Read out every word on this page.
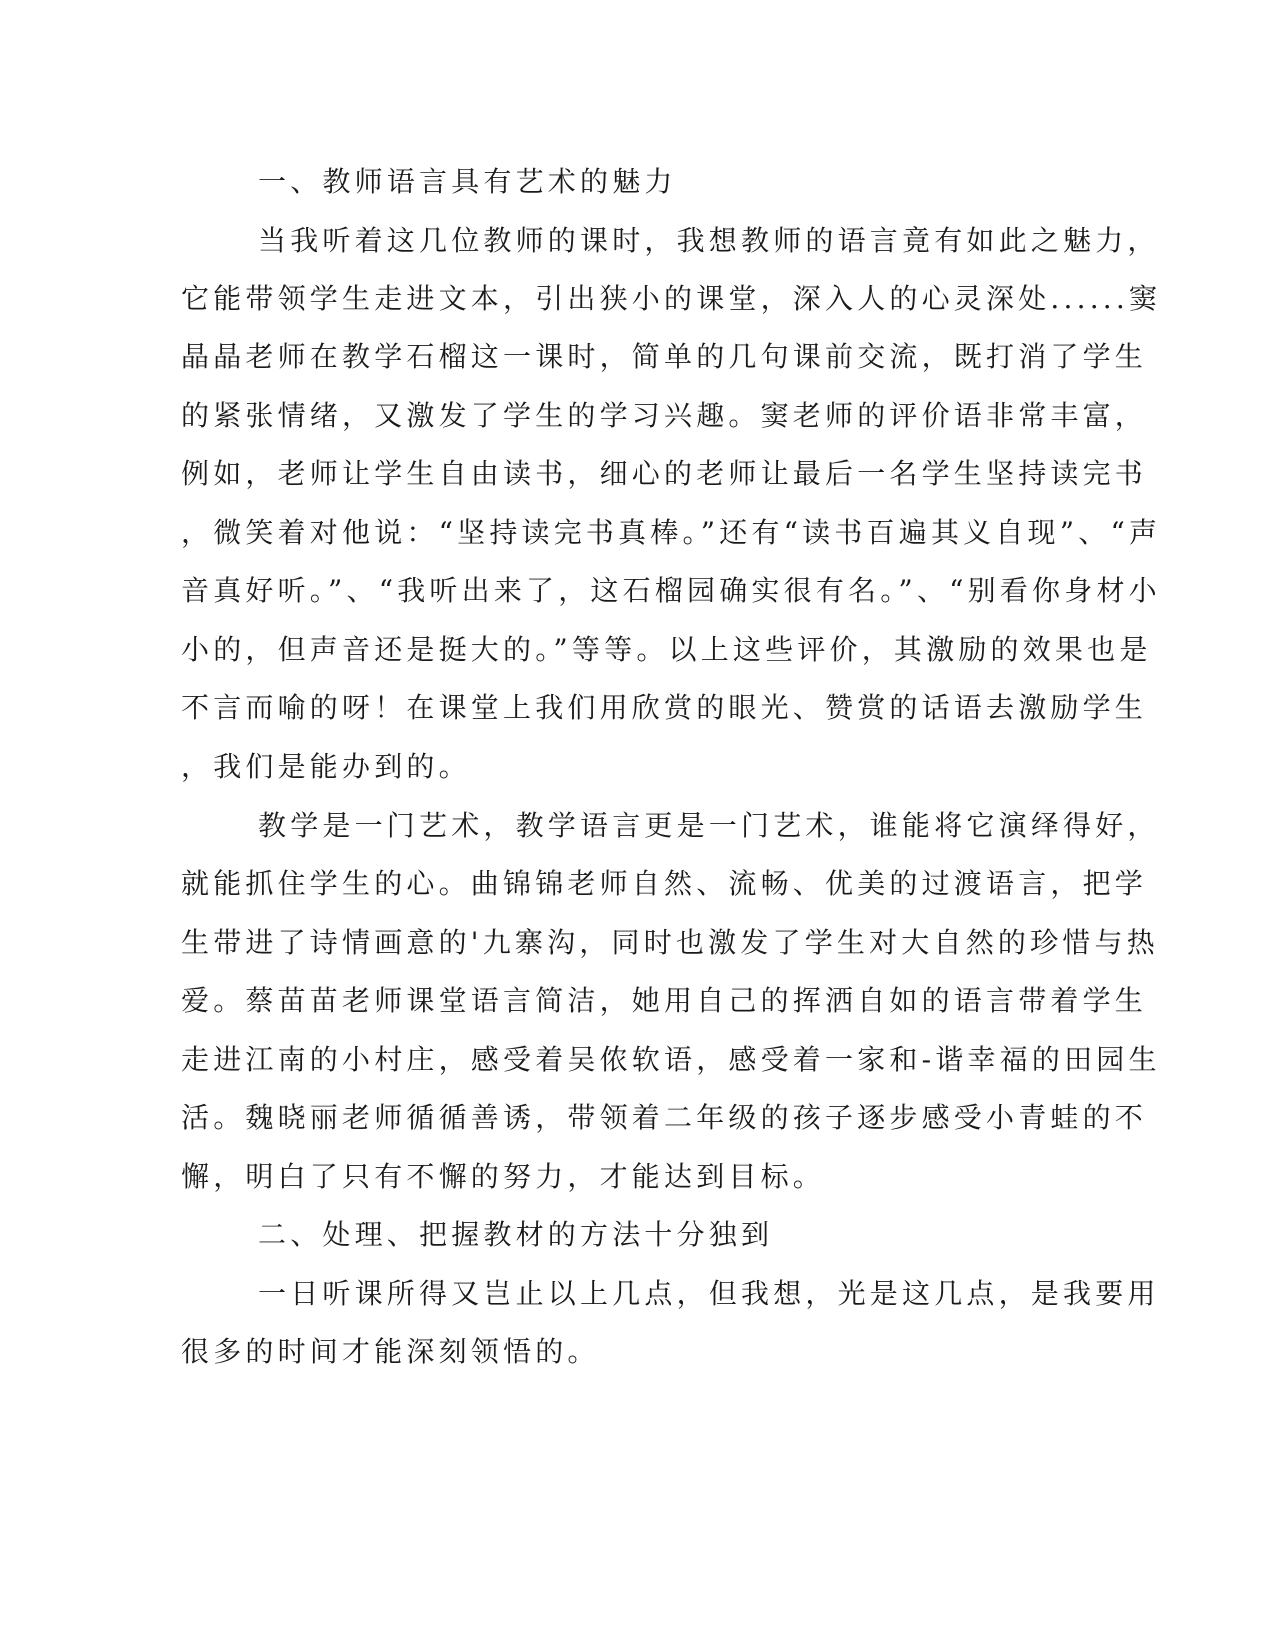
一、教师语言具有艺术的魅力
当我听着这几位教师的课时，我想教师的语言竟有如此之魅力，
它能带领学生走进文本，引出狭小的课堂，深入人的心灵深处......窦
晶晶老师在教学石榴这一课时，简单的几句课前交流，既打消了学生
的紧张情绪，又激发了学生的学习兴趣。窦老师的评价语非常丰富，
例如，老师让学生自由读书，细心的老师让最后一名学生坚持读完书
，微笑着对他说：“坚持读完书真棒。”还有“读书百遍其义自现”、“声
音真好听。”、“我听出来了，这石榴园确实很有名。”、“别看你身材小
小的，但声音还是挺大的。”等等。以上这些评价，其激励的效果也是
不言而喻的呀！在课堂上我们用欣赏的眼光、赞赏的话语去激励学生
，我们是能办到的。
教学是一门艺术，教学语言更是一门艺术，谁能将它演绎得好，
就能抓住学生的心。曲锦锦老师自然、流畅、优美的过渡语言，把学
生带进了诗情画意的'九寨沟，同时也激发了学生对大自然的珍惜与热
爱。蔡苗苗老师课堂语言简洁，她用自己的挥洒自如的语言带着学生
走进江南的小村庄，感受着吴侬软语，感受着一家和-谐幸福的田园生
活。魏晓丽老师循循善诱，带领着二年级的孩子逐步感受小青蛙的不
懈，明白了只有不懈的努力，才能达到目标。
二、处理、把握教材的方法十分独到
一日听课所得又岂止以上几点，但我想，光是这几点，是我要用
很多的时间才能深刻领悟的。
